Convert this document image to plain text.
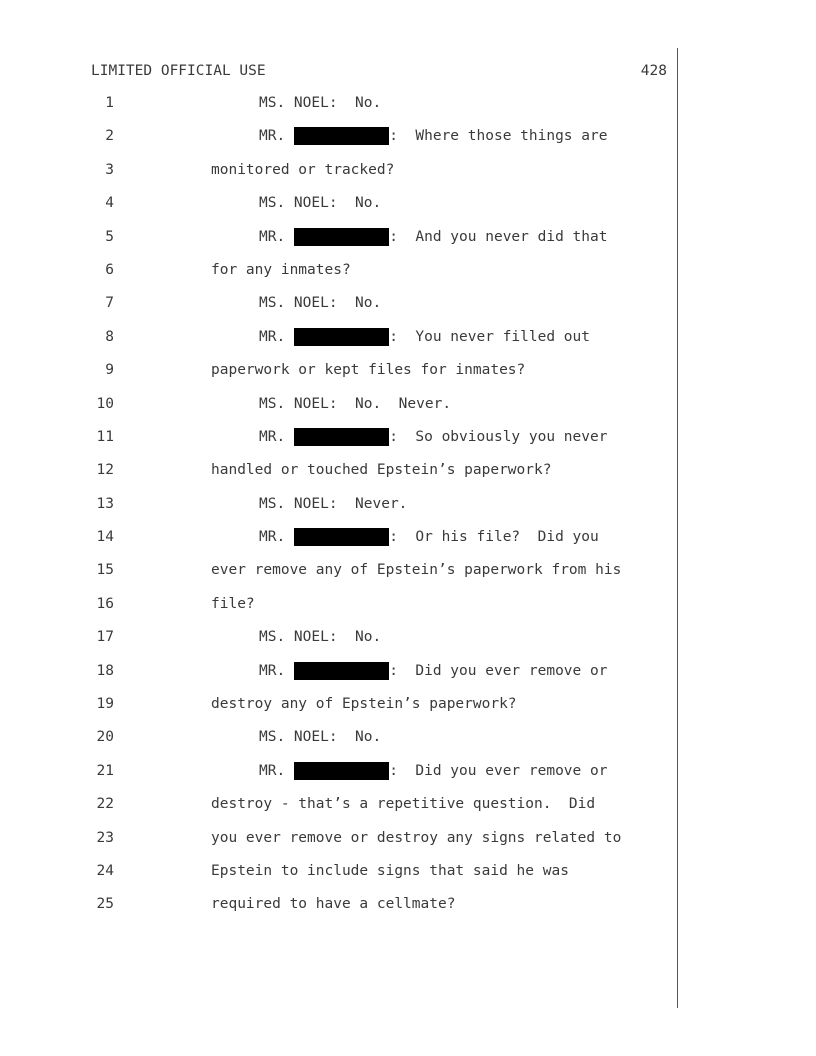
LIMITED OFFICIAL USE	428
1	MS. NOEL:  No.
2	MR.	:  Where those things are
3	monitored or tracked?
4	MS. NOEL:  No.
5	MR.	:  And you never did that
6	for any inmates?
7	MS. NOEL:  No.
8	MR.	:  You never filled out
9	paperwork or kept files for inmates?
10	MS. NOEL:  No.  Never.
11	MR.	:  So obviously you never
12	handled or touched Epstein’s paperwork?
13	MS. NOEL:  Never.
14	MR.	:  Or his file?  Did you
15	ever remove any of Epstein’s paperwork from his
16	file?
17	MS. NOEL:  No.
18	MR.	:  Did you ever remove or
19	destroy any of Epstein’s paperwork?
20	MS. NOEL:  No.
21	MR.	:  Did you ever remove or
22	destroy - that’s a repetitive question.  Did
23	you ever remove or destroy any signs related to
24	Epstein to include signs that said he was
25	required to have a cellmate?
